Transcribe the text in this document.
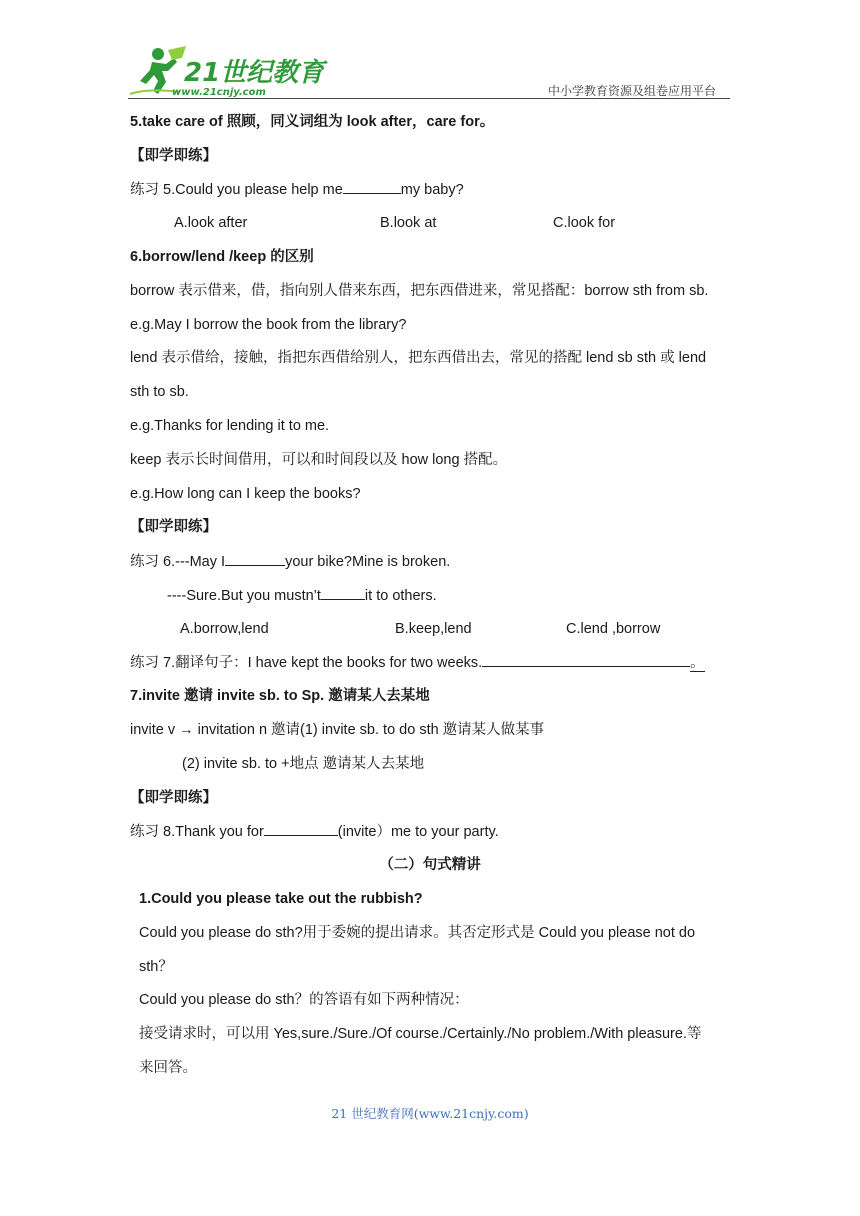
21世纪教育
www.21cnjy.com	中小学教育资源及组卷应用平台
5.take care of 照顾，同义词组为 look after，care for。
【即学即练】
练习 5.Could you please help me	my baby?
A.look after	B.look at	C.look for
6.borrow/lend /keep 的区别
borrow 表示借来，借，指向别人借来东西，把东西借进来，常见搭配：borrow sth from sb.
e.g.May I borrow the book from the library?
lend 表示借给，接触，指把东西借给别人，把东西借出去，常见的搭配 lend sb sth 或 lend
sth to sb.
e.g.Thanks for lending it to me.
keep 表示长时间借用，可以和时间段以及 how long 搭配。
e.g.How long can I keep the books?
【即学即练】
练习 6.---May I	your bike?Mine is broken.
----Sure.But you mustn’t	it to others.
A.borrow,lend	B.keep,lend	C.lend ,borrow
练习 7.翻译句子：I have kept the books for two weeks.	。
7.invite 邀请 invite sb. to Sp. 邀请某人去某地
invite v → invitation n 邀请(1) invite sb. to do sth 邀请某人做某事
(2) invite sb. to +地点 邀请某人去某地
【即学即练】
练习 8.Thank you for	(invite）me to your party.
（二）句式精讲
1.Could you please take out the rubbish?
Could you please do sth?用于委婉的提出请求。其否定形式是 Could you please not do
sth？
Could you please do sth？的答语有如下两种情况：
接受请求时，可以用 Yes,sure./Sure./Of course./Certainly./No problem./With pleasure.等
来回答。
21 世纪教育网(www.21cnjy.com)
